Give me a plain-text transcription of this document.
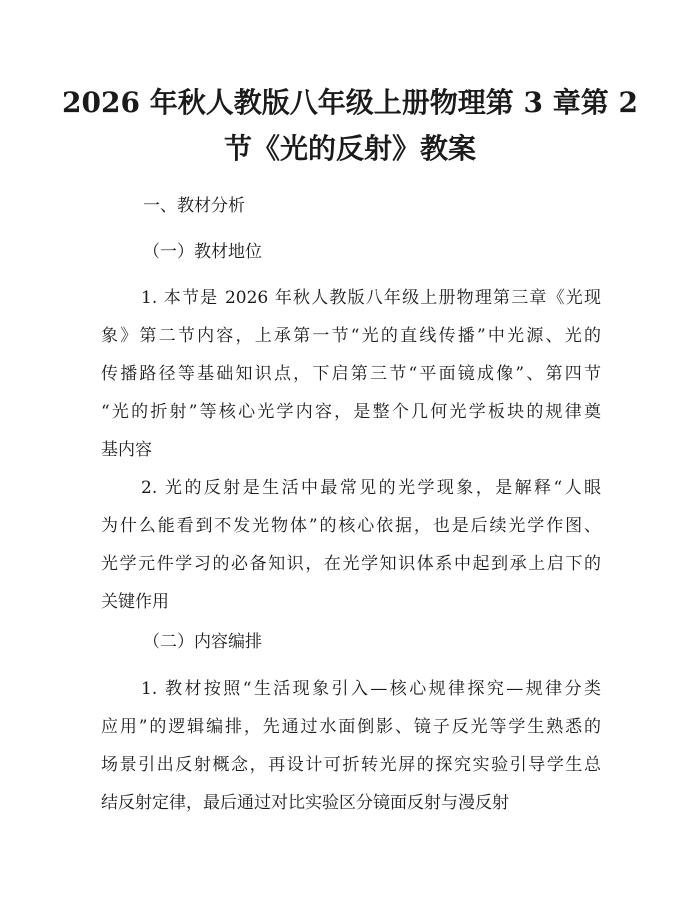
2026 年秋人教版八年级上册物理第 3 章第 2
节《光的反射》教案
一、教材分析
（一）教材地位
1. 本节是 2026 年秋人教版八年级上册物理第三章《光现
象》第二节内容，上承第一节“光的直线传播”中光源、光的
传播路径等基础知识点，下启第三节“平面镜成像”、第四节
“光的折射”等核心光学内容，是整个几何光学板块的规律奠
基内容
2. 光的反射是生活中最常见的光学现象，是解释“人眼
为什么能看到不发光物体”的核心依据，也是后续光学作图、
光学元件学习的必备知识，在光学知识体系中起到承上启下的
关键作用
（二）内容编排
1. 教材按照“生活现象引入—核心规律探究—规律分类
应用”的逻辑编排，先通过水面倒影、镜子反光等学生熟悉的
场景引出反射概念，再设计可折转光屏的探究实验引导学生总
结反射定律，最后通过对比实验区分镜面反射与漫反射
